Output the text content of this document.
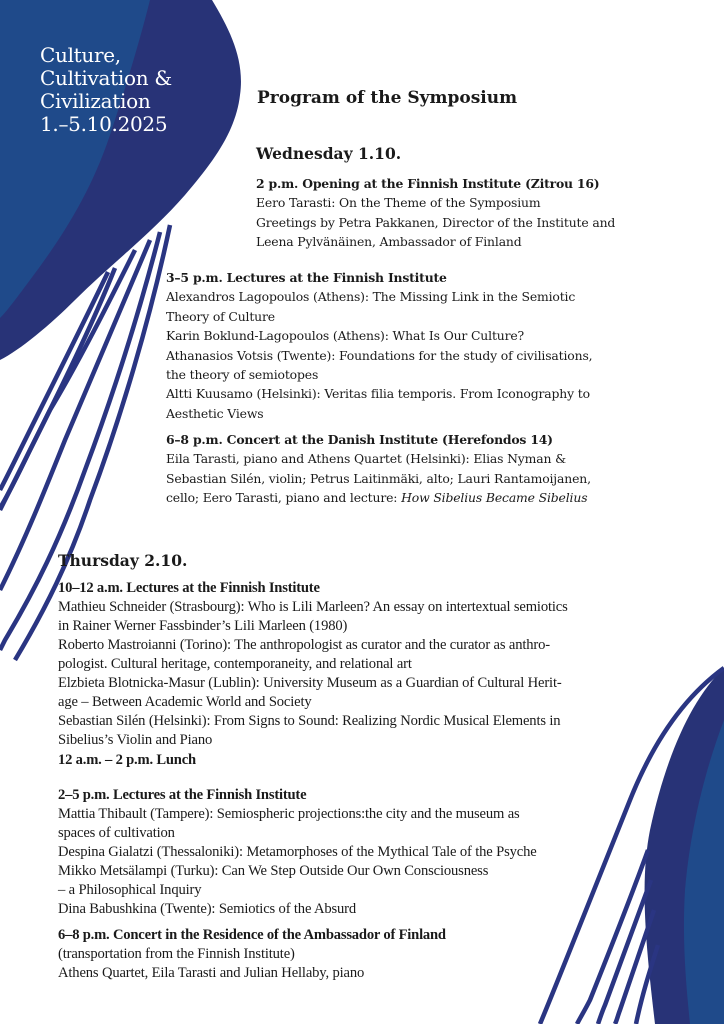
Culture,
Cultivation &
Civilization
1.–5.10.2025
Program of the Symposium
Wednesday 1.10.
2 p.m. Opening at the Finnish Institute (Zitrou 16)
Eero Tarasti: On the Theme of the Symposium
Greetings by Petra Pakkanen, Director of the Institute and
Leena Pylvänäinen, Ambassador of Finland
3–5 p.m. Lectures at the Finnish Institute
Alexandros Lagopoulos (Athens): The Missing Link in the Semiotic
Theory of Culture
Karin Boklund-Lagopoulos (Athens): What Is Our Culture?
Athanasios Votsis (Twente): Foundations for the study of civilisations,
the theory of semiotopes
Altti Kuusamo (Helsinki): Veritas filia temporis. From Iconography to
Aesthetic Views
6–8 p.m. Concert at the Danish Institute (Herefondos 14)
Eila Tarasti, piano and Athens Quartet (Helsinki): Elias Nyman &
Sebastian Silén, violin; Petrus Laitinmäki, alto; Lauri Rantamoijanen,
cello; Eero Tarasti, piano and lecture: How Sibelius Became Sibelius
Thursday 2.10.
10–12 a.m. Lectures at the Finnish Institute
Mathieu Schneider (Strasbourg): Who is Lili Marleen? An essay on intertextual semiotics
in Rainer Werner Fassbinder’s Lili Marleen (1980)
Roberto Mastroianni (Torino): The anthropologist as curator and the curator as anthro-
pologist. Cultural heritage, contemporaneity, and relational art
Elzbieta Blotnicka-Masur (Lublin): University Museum as a Guardian of Cultural Herit-
age – Between Academic World and Society
Sebastian Silén (Helsinki): From Signs to Sound: Realizing Nordic Musical Elements in
Sibelius’s Violin and Piano
12 a.m. – 2 p.m. Lunch
2–5 p.m. Lectures at the Finnish Institute
Mattia Thibault (Tampere): Semiospheric projections:the city and the museum as
spaces of cultivation
Despina Gialatzi (Thessaloniki): Metamorphoses of the Mythical Tale of the Psyche
Mikko Metsälampi (Turku): Can We Step Outside Our Own Consciousness
– a Philosophical Inquiry
Dina Babushkina (Twente): Semiotics of the Absurd
6–8 p.m. Concert in the Residence of the Ambassador of Finland
(transportation from the Finnish Institute)
Athens Quartet, Eila Tarasti and Julian Hellaby, piano
